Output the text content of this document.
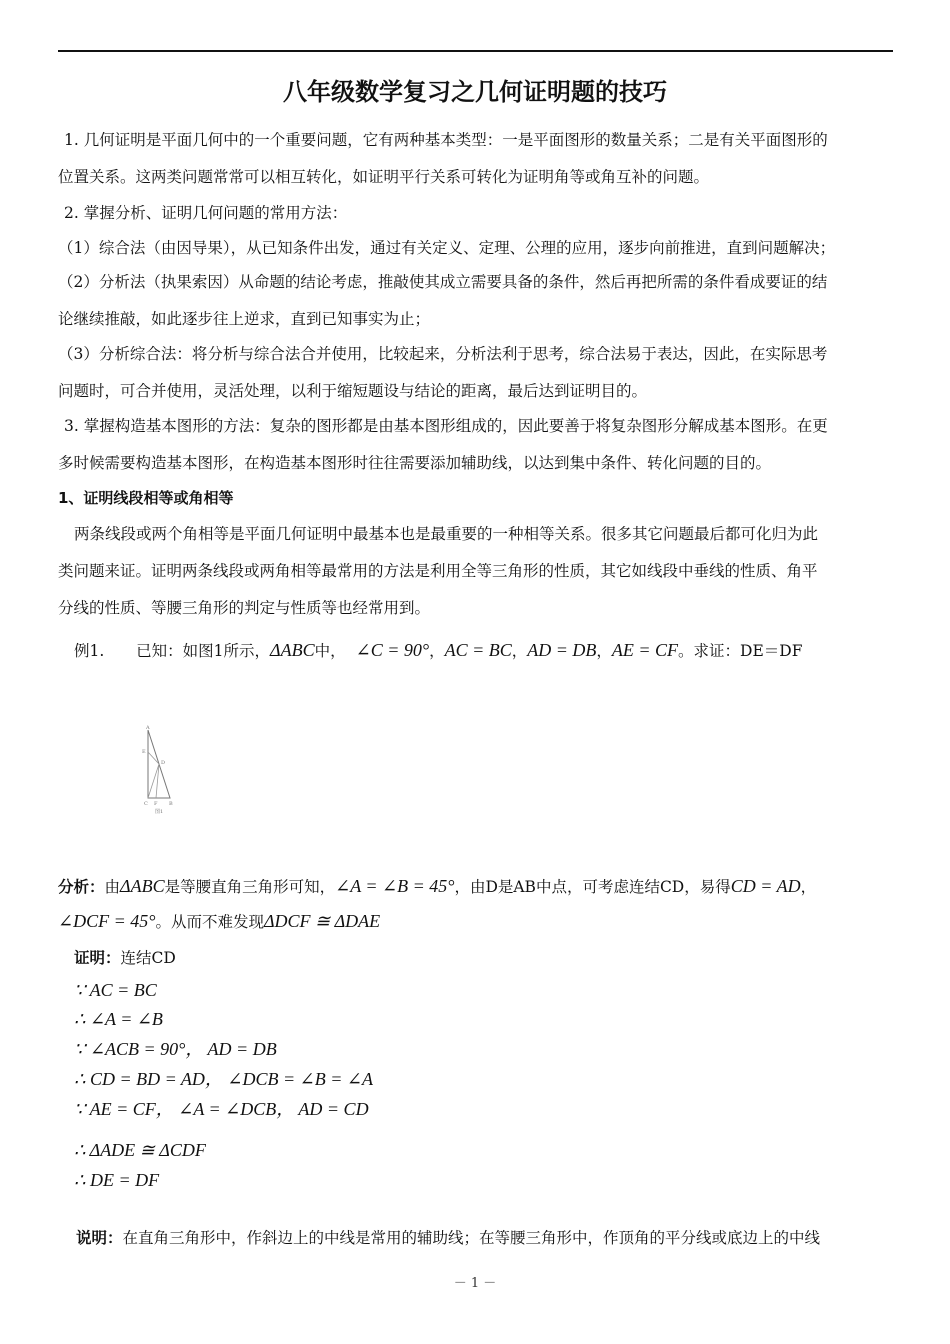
八年级数学复习之几何证明题的技巧
1. 几何证明是平面几何中的一个重要问题，它有两种基本类型：一是平面图形的数量关系；二是有关平面图形的
位置关系。这两类问题常常可以相互转化，如证明平行关系可转化为证明角等或角互补的问题。
2. 掌握分析、证明几何问题的常用方法：
（1）综合法（由因导果），从已知条件出发，通过有关定义、定理、公理的应用，逐步向前推进，直到问题解决；
（2）分析法（执果索因）从命题的结论考虑，推敲使其成立需要具备的条件，然后再把所需的条件看成要证的结
论继续推敲，如此逐步往上逆求，直到已知事实为止；
（3）分析综合法：将分析与综合法合并使用，比较起来，分析法利于思考，综合法易于表达，因此，在实际思考
问题时，可合并使用，灵活处理，以利于缩短题设与结论的距离，最后达到证明目的。
3. 掌握构造基本图形的方法：复杂的图形都是由基本图形组成的，因此要善于将复杂图形分解成基本图形。在更
多时候需要构造基本图形，在构造基本图形时往往需要添加辅助线，以达到集中条件、转化问题的目的。
1、证明线段相等或角相等
两条线段或两个角相等是平面几何证明中最基本也是最重要的一种相等关系。很多其它问题最后都可化归为此
类问题来证。证明两条线段或两角相等最常用的方法是利用全等三角形的性质，其它如线段中垂线的性质、角平
分线的性质、等腰三角形的判定与性质等也经常用到。
例1. 已知：如图1所示，ΔABC中， ∠C = 90°，AC = BC，AD = DB，AE = CF。求证：DE＝DF
A
E
D
C F B
图1
分析：由ΔABC是等腰直角三角形可知，∠A = ∠B = 45°，由D是AB中点，可考虑连结CD，易得CD = AD，
∠DCF = 45°。从而不难发现ΔDCF ≅ ΔDAE
证明：连结CD
∵ AC = BC
∴ ∠A = ∠B
∵ ∠ACB = 90°， AD = DB
∴ CD = BD = AD， ∠DCB = ∠B = ∠A
∵ AE = CF， ∠A = ∠DCB， AD = CD
∴ ΔADE ≅ ΔCDF
∴ DE = DF
说明：在直角三角形中，作斜边上的中线是常用的辅助线；在等腰三角形中，作顶角的平分线或底边上的中线
－ 1 －
